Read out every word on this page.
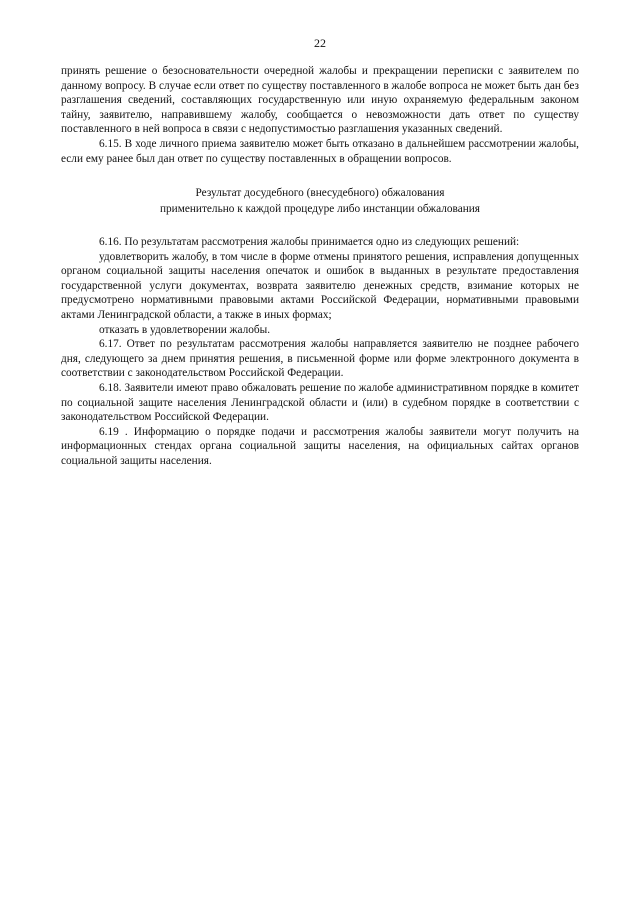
22

принять решение о безосновательности очередной жалобы и прекращении переписки с заявителем по данному вопросу. В случае если ответ по существу поставленного в жалобе вопроса не может быть дан без разглашения сведений, составляющих государственную или иную охраняемую федеральным законом тайну, заявителю, направившему жалобу, сообщается о невозможности дать ответ по существу поставленного в ней вопроса в связи с недопустимостью разглашения указанных сведений.

6.15. В ходе личного приема заявителю может быть отказано в дальнейшем рассмотрении жалобы, если ему ранее был дан ответ по существу поставленных в обращении вопросов.

Результат досудебного (внесудебного) обжалования
применительно к каждой процедуре либо инстанции обжалования

6.16. По результатам рассмотрения жалобы принимается одно из следующих решений:

удовлетворить жалобу, в том числе в форме отмены принятого решения, исправления допущенных органом социальной защиты населения опечаток и ошибок в выданных в результате предоставления государственной услуги документах, возврата заявителю денежных средств, взимание которых не предусмотрено нормативными правовыми актами Российской Федерации, нормативными правовыми актами Ленинградской области, а также в иных формах;

отказать в удовлетворении жалобы.

6.17. Ответ по результатам рассмотрения жалобы направляется заявителю не позднее рабочего дня, следующего за днем принятия решения, в письменной форме или форме электронного документа в соответствии с законодательством Российской Федерации.

6.18. Заявители имеют право обжаловать решение по жалобе административном порядке в комитет по социальной защите населения Ленинградской области и (или) в судебном порядке в соответствии с законодательством Российской Федерации.

6.19 . Информацию о порядке подачи и рассмотрения жалобы заявители могут получить на информационных стендах органа социальной защиты населения, на официальных сайтах органов социальной защиты населения.
